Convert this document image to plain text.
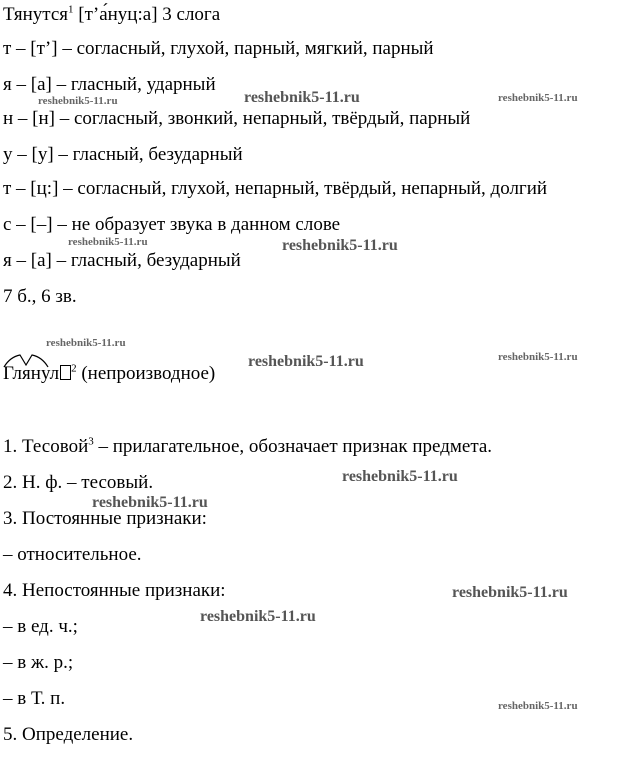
Тянутся$^1$ [т’а́нуц:а] 3 слога
т – [т’] – согласный, глухой, парный, мягкий, парный
я – [а] – гласный, ударный
н – [н] – согласный, звонкий, непарный, твёрдый, парный
у – [у] – гласный, безударный
т – [ц:] – согласный, глухой, непарный, твёрдый, непарный, долгий
с – [–] – не образует звука в данном слове
я – [а] – гласный, безударный
7 б., 6 зв.
Глянул $^2$ (непроизводное)
1. Тесовой$^3$ – прилагательное, обозначает признак предмета.
2. Н. ф. – тесовый.
3. Постоянные признаки:
– относительное.
4. Непостоянные признаки:
– в ед. ч.;
– в ж. р.;
– в Т. п.
5. Определение.
reshebnik5-11.ru	reshebnik5-11.ru	reshebnik5-11.ru
reshebnik5-11.ru	reshebnik5-11.ru
reshebnik5-11.ru
reshebnik5-11.ru	reshebnik5-11.ru
reshebnik5-11.ru
reshebnik5-11.ru
reshebnik5-11.ru
reshebnik5-11.ru
reshebnik5-11.ru
